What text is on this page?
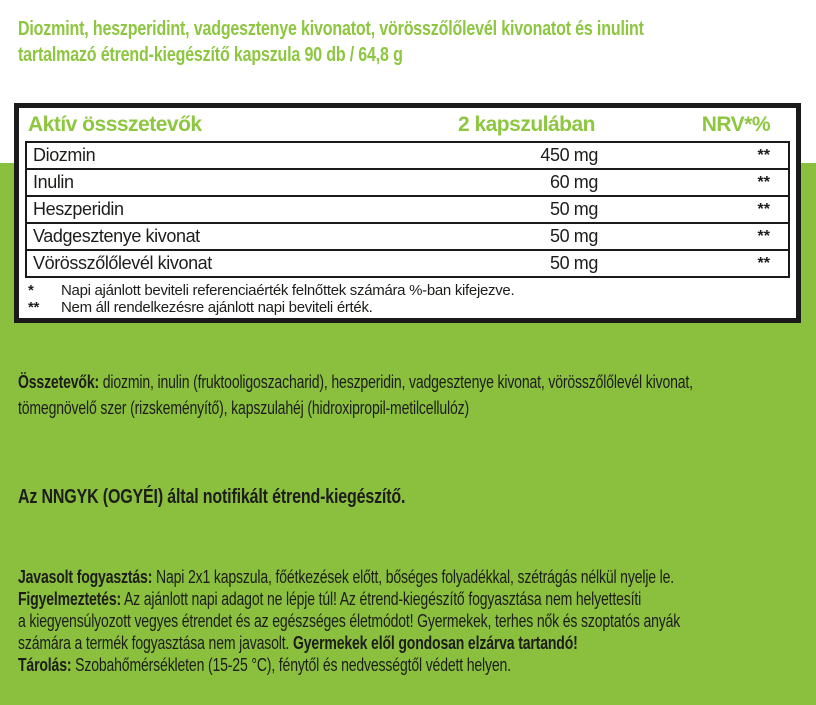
Diozmint, heszperidint, vadgesztenye kivonatot, vörösszőlőlevél kivonatot és inulint
tartalmazó étrend-kiegészítő kapszula 90 db / 64,8 g
Aktív össszetevők	2 kapszulában	NRV*%
Diozmin	450 mg	**
Inulin	60 mg	**
Heszperidin	50 mg	**
Vadgesztenye kivonat	50 mg	**
Vörösszőlőlevél kivonat	50 mg	**
*	Napi ajánlott beviteli referenciaérték felnőttek számára %-ban kifejezve.
**	Nem áll rendelkezésre ajánlott napi beviteli érték.
Összetevők: diozmin, inulin (fruktooligoszacharid), heszperidin, vadgesztenye kivonat, vörösszőlőlevél kivonat,
tömegnövelő szer (rizskeményítő), kapszulahéj (hidroxipropil-metilcellulóz)
Az NNGYK (OGYÉI) által notifikált étrend-kiegészítő.
Javasolt fogyasztás: Napi 2x1 kapszula, főétkezések előtt, bőséges folyadékkal, szétrágás nélkül nyelje le.
Figyelmeztetés: Az ajánlott napi adagot ne lépje túl! Az étrend-kiegészítő fogyasztása nem helyettesíti
a kiegyensúlyozott vegyes étrendet és az egészséges életmódot! Gyermekek, terhes nők és szoptatós anyák
számára a termék fogyasztása nem javasolt. Gyermekek elől gondosan elzárva tartandó!
Tárolás: Szobahőmérsékleten (15-25 °C), fénytől és nedvességtől védett helyen.
